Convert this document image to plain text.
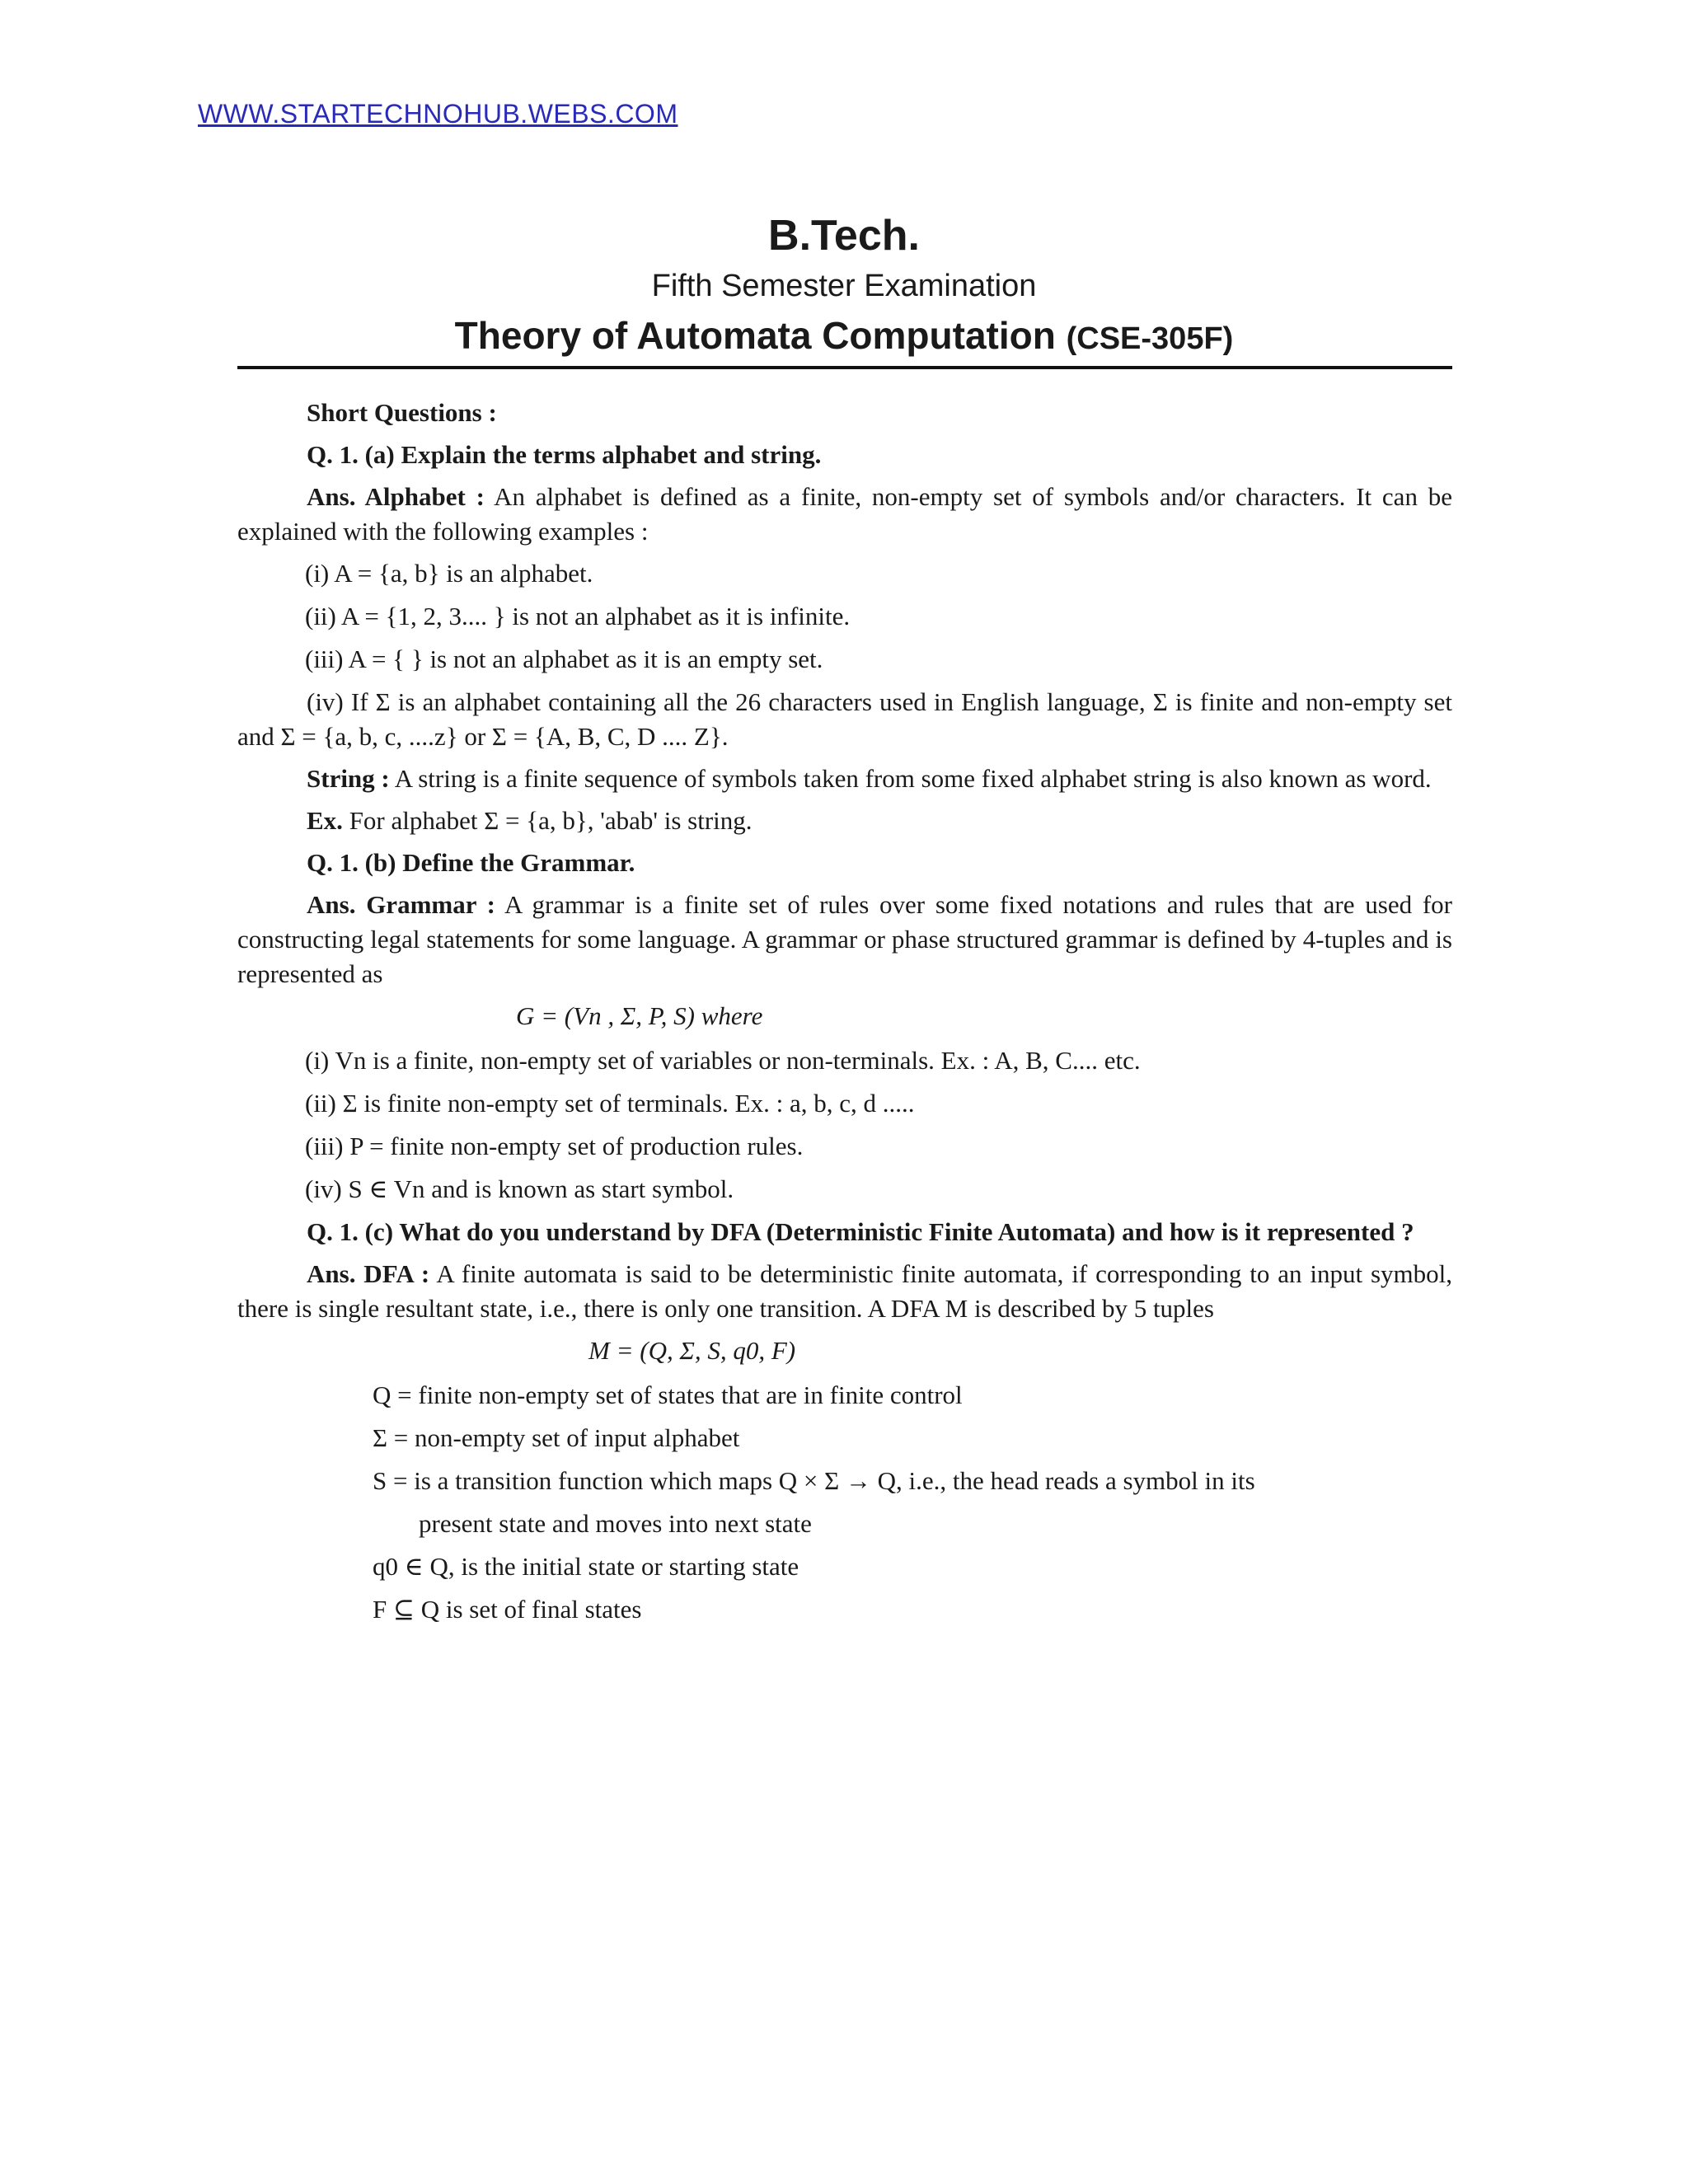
WWW.STARTECHNOHUB.WEBS.COM
B.Tech.
Fifth Semester Examination
Theory of Automata Computation (CSE-305F)

Short Questions :

Q. 1. (a) Explain the terms alphabet and string.

Ans. Alphabet : An alphabet is defined as a finite, non-empty set of symbols and/or characters. It can be explained with the following examples :

(i) A = {a, b} is an alphabet.

(ii) A = {1, 2, 3.... } is not an alphabet as it is infinite.

(iii) A = { } is not an alphabet as it is an empty set.

(iv) If Σ is an alphabet containing all the 26 characters used in English language, Σ is finite and non-empty set and Σ = {a, b, c, ....z} or Σ = {A, B, C, D .... Z}.

String : A string is a finite sequence of symbols taken from some fixed alphabet string is also known as word.

Ex. For alphabet Σ = {a, b}, 'abab' is string.

Q. 1. (b) Define the Grammar.

Ans. Grammar : A grammar is a finite set of rules over some fixed notations and rules that are used for constructing legal statements for some language. A grammar or phase structured grammar is defined by 4-tuples and is represented as

G = (Vn , Σ, P, S) where

(i) Vn is a finite, non-empty set of variables or non-terminals. Ex. : A, B, C.... etc.

(ii) Σ is finite non-empty set of terminals. Ex. : a, b, c, d .....

(iii) P = finite non-empty set of production rules.

(iv) S ∈ Vn and is known as start symbol.

Q. 1. (c) What do you understand by DFA (Deterministic Finite Automata) and how is it represented ?

Ans. DFA : A finite automata is said to be deterministic finite automata, if corresponding to an input symbol, there is single resultant state, i.e., there is only one transition. A DFA M is described by 5 tuples

M = (Q, Σ, S, q0, F)

Q = finite non-empty set of states that are in finite control

Σ = non-empty set of input alphabet

S = is a transition function which maps Q × Σ → Q, i.e., the head reads a symbol in its

present state and moves into next state

q0 ∈ Q, is the initial state or starting state

F ⊆ Q is set of final states
